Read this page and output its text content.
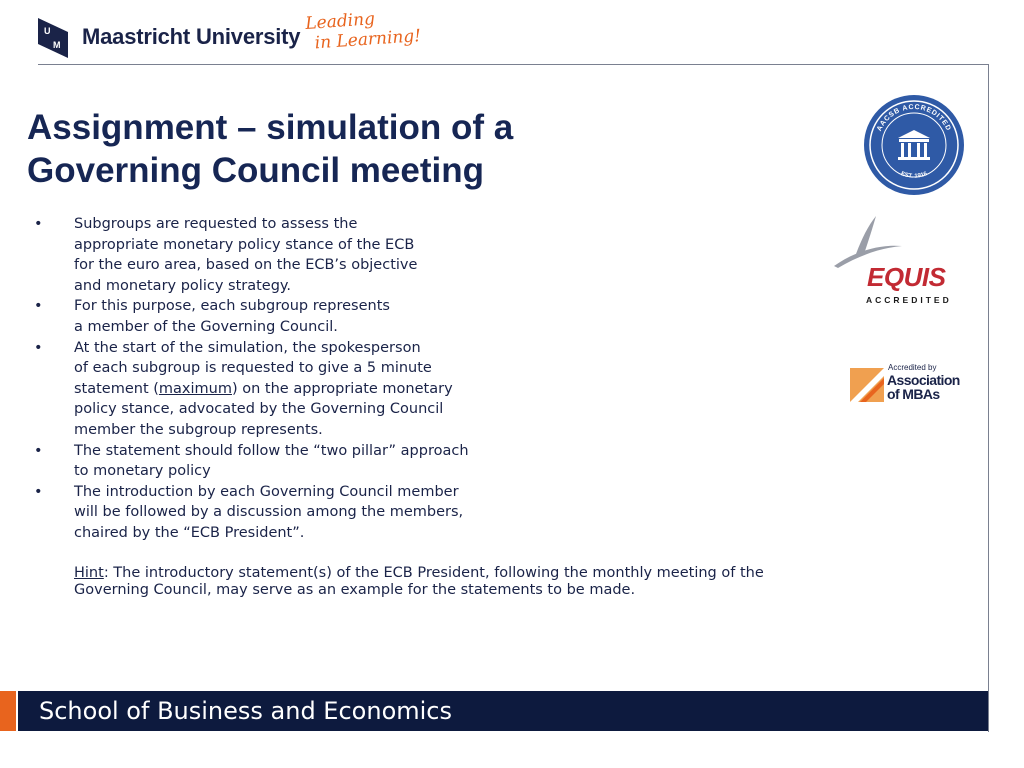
U
M Maastricht University
Leading
in Learning!
Assignment – simulation of a
Governing Council meeting
• Subgroups are requested to assess the
appropriate monetary policy stance of the ECB
for the euro area, based on the ECB’s objective
and monetary policy strategy.
• For this purpose, each subgroup represents
a member of the Governing Council.
• At the start of the simulation, the spokesperson
of each subgroup is requested to give a 5 minute
statement (maximum) on the appropriate monetary
policy stance, advocated by the Governing Council
member the subgroup represents.
• The statement should follow the “two pillar” approach
to monetary policy
• The introduction by each Governing Council member
will be followed by a discussion among the members,
chaired by the “ECB President”.

Hint: The introductory statement(s) of the ECB President, following the monthly meeting of the Governing Council, may serve as an example for the statements to be made.

AACSB ACCREDITED
EST. 1916
EQUIS
ACCREDITED
Accredited by
Association
of MBAs
School of Business and Economics
